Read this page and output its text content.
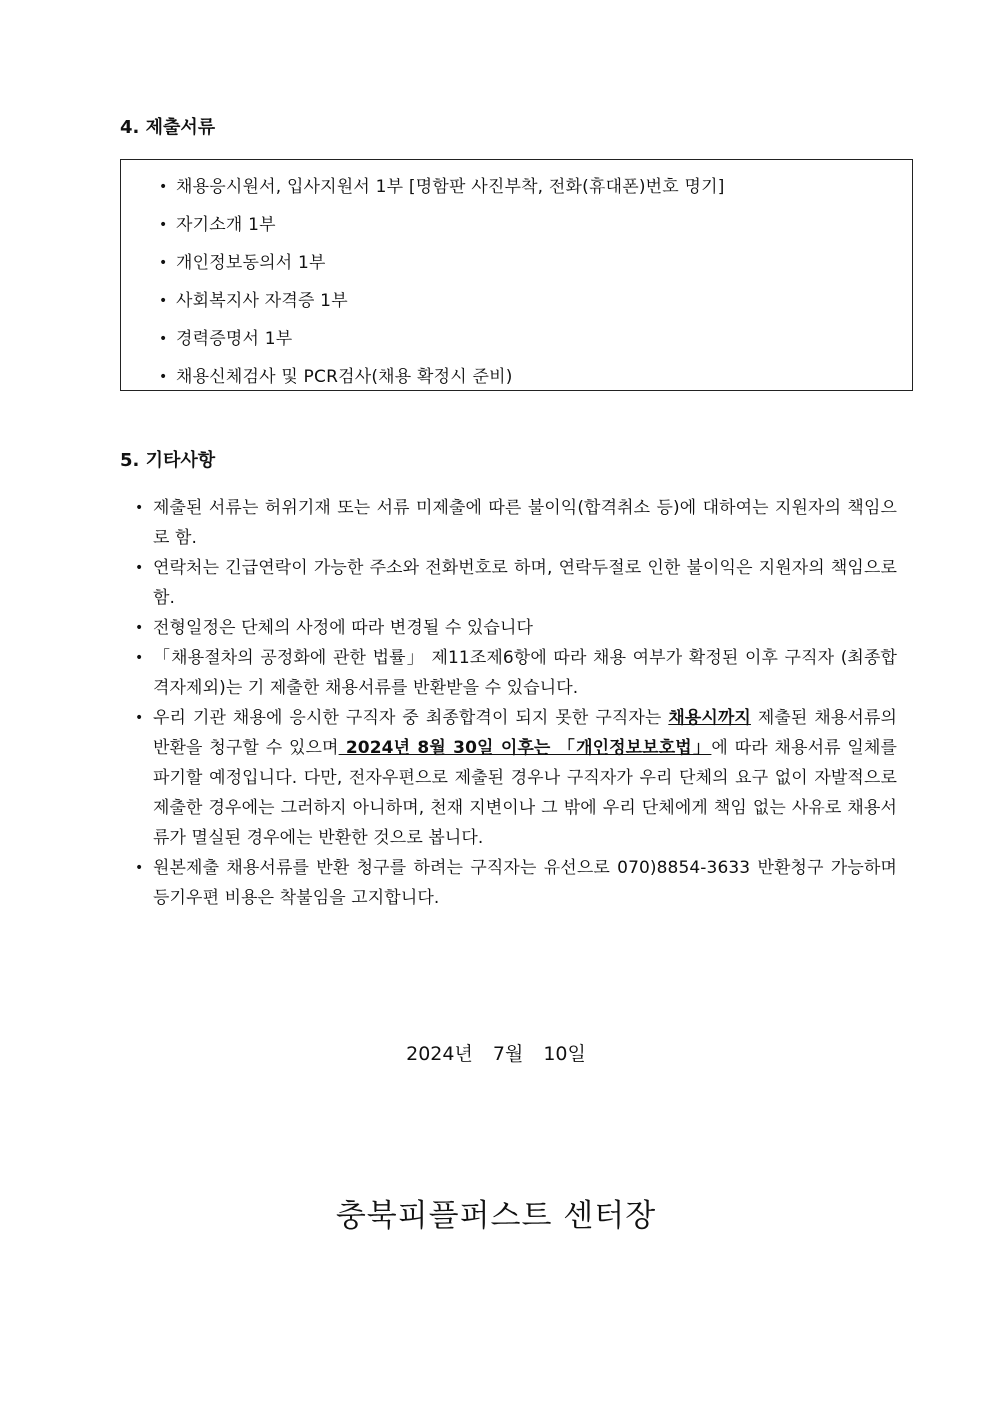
4. 제출서류
• 채용응시원서, 입사지원서 1부 [명함판 사진부착, 전화(휴대폰)번호 명기]
• 자기소개 1부
• 개인정보동의서 1부
• 사회복지사 자격증 1부
• 경력증명서 1부
• 채용신체검사 및 PCR검사(채용 확정시 준비)
5. 기타사항
• 제출된 서류는 허위기재 또는 서류 미제출에 따른 불이익(합격취소 등)에 대하여는 지원자의 책임으로 함.
• 연락처는 긴급연락이 가능한 주소와 전화번호로 하며, 연락두절로 인한 불이익은 지원자의 책임으로 함.
• 전형일정은 단체의 사정에 따라 변경될 수 있습니다
• 「채용절차의 공정화에 관한 법률」 제11조제6항에 따라 채용 여부가 확정된 이후 구직자 (최종합격자제외)는 기 제출한 채용서류를 반환받을 수 있습니다.
• 우리 기관 채용에 응시한 구직자 중 최종합격이 되지 못한 구직자는 채용시까지 제출된 채용서류의 반환을 청구할 수 있으며 2024년 8월 30일 이후는 「개인정보보호법」에 따라 채용서류 일체를 파기할 예정입니다. 다만, 전자우편으로 제출된 경우나 구직자가 우리 단체의 요구 없이 자발적으로 제출한 경우에는 그러하지 아니하며, 천재 지변이나 그 밖에 우리 단체에게 책임 없는 사유로 채용서류가 멸실된 경우에는 반환한 것으로 봅니다.
• 원본제출 채용서류를 반환 청구를 하려는 구직자는 유선으로 070)8854-3633 반환청구 가능하며 등기우편 비용은 착불임을 고지합니다.
2024년 7월 10일
충북피플퍼스트 센터장
